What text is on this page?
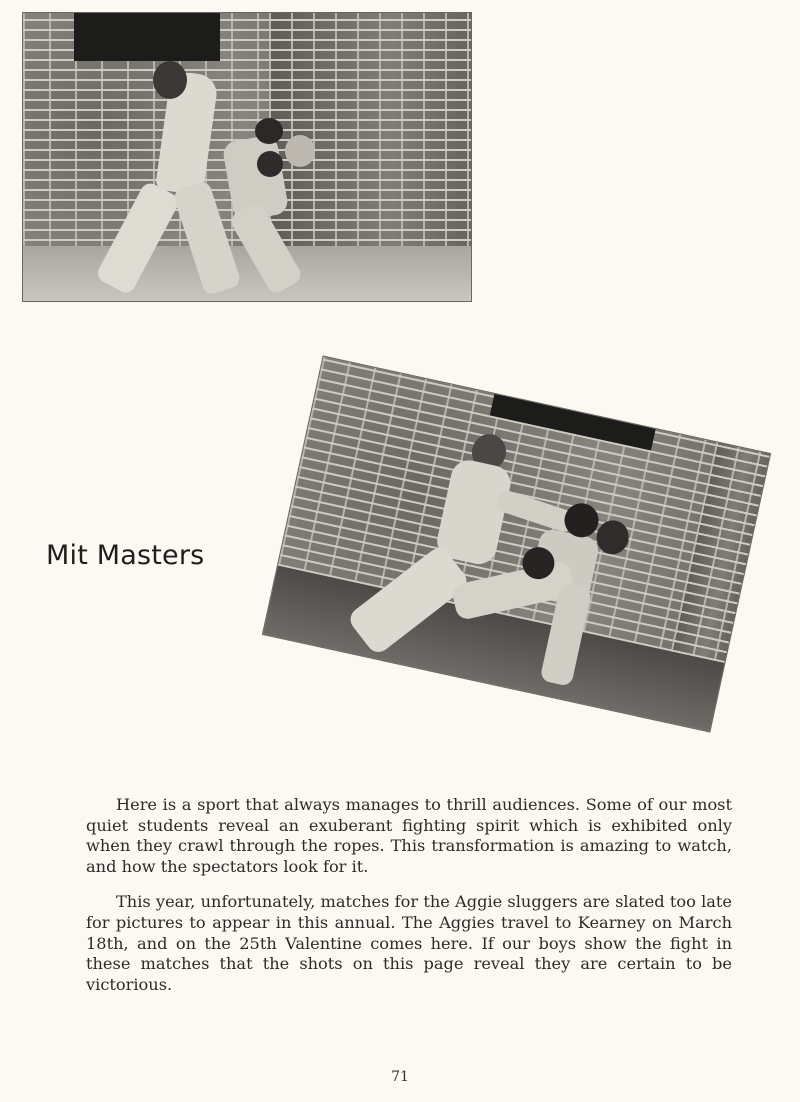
Mit Masters

Here is a sport that always manages to thrill audiences. Some of our most quiet students reveal an exuberant fighting spirit which is exhibited only when they crawl through the ropes. This transformation is amazing to watch, and how the spectators look for it.

This year, unfortunately, matches for the Aggie sluggers are slated too late for pictures to appear in this annual. The Aggies travel to Kearney on March 18th, and on the 25th Valentine comes here. If our boys show the fight in these matches that the shots on this page reveal they are certain to be victorious.

71
